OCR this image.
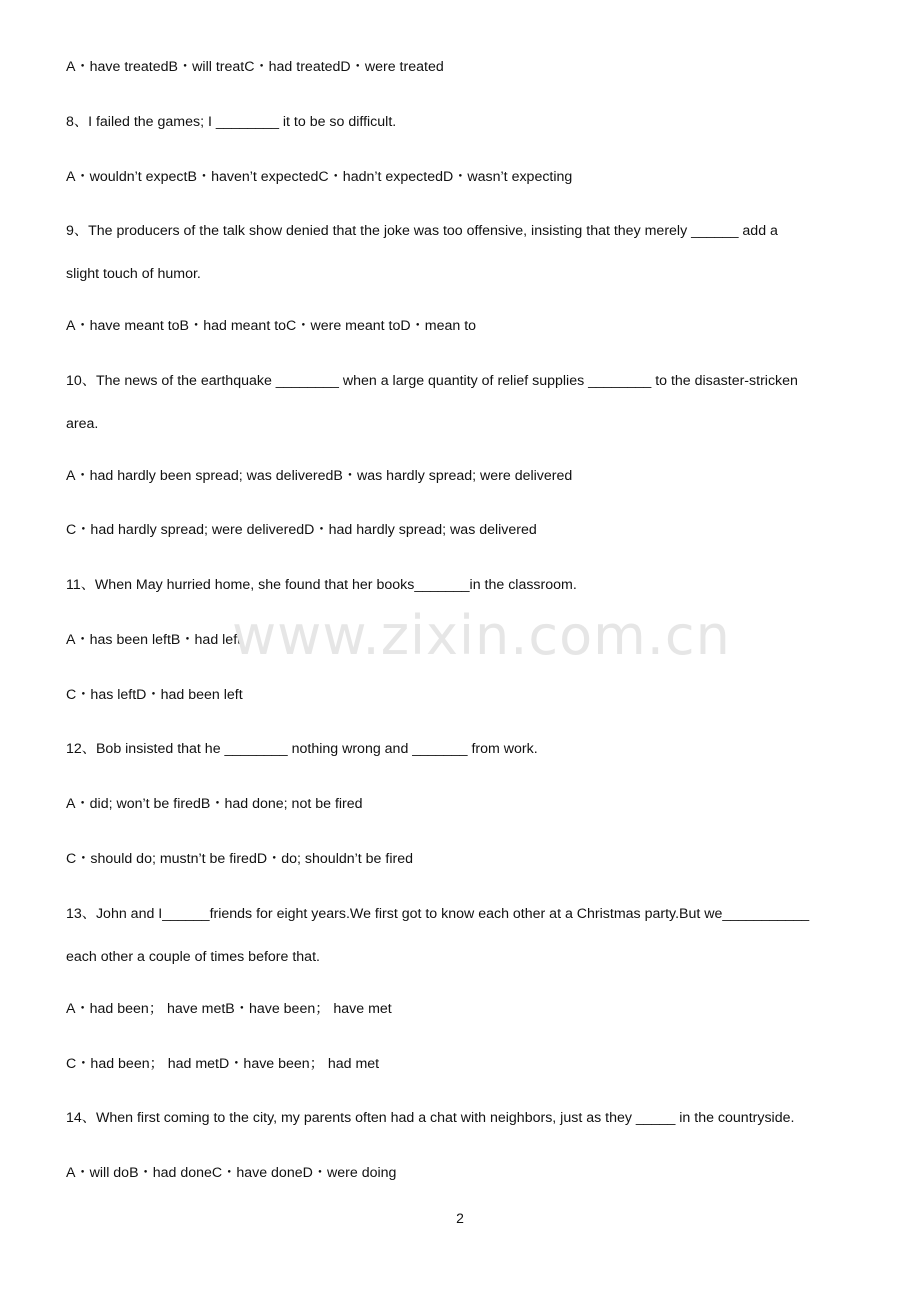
A・have treatedB・will treatC・had treatedD・were treated
8、I failed the games; I ________ it to be so difficult.
A・wouldn’t expectB・haven’t expectedC・hadn’t expectedD・wasn’t expecting
9、The producers of the talk show denied that the joke was too offensive, insisting that they merely ______ add a
slight touch of humor.
A・have meant toB・had meant toC・were meant toD・mean to
10、The news of the earthquake ________ when a large quantity of relief supplies ________ to the disaster-stricken
area.
A・had hardly been spread; was deliveredB・was hardly spread; were delivered
C・had hardly spread; were deliveredD・had hardly spread; was delivered
11、When May hurried home, she found that her books_______in the classroom.
A・has been leftB・had left
C・has leftD・had been left
12、Bob insisted that he ________ nothing wrong and _______ from work.
A・did; won’t be firedB・had done; not be fired
C・should do; mustn’t be firedD・do; shouldn’t be fired
13、John and I______friends for eight years.We first got to know each other at a Christmas party.But we___________
each other a couple of times before that.
A・had been； have metB・have been； have met
C・had been； had metD・have been； had met
14、When first coming to the city, my parents often had a chat with neighbors, just as they _____ in the countryside.
A・will doB・had doneC・have doneD・were doing
www.zixin.com.cn
2
